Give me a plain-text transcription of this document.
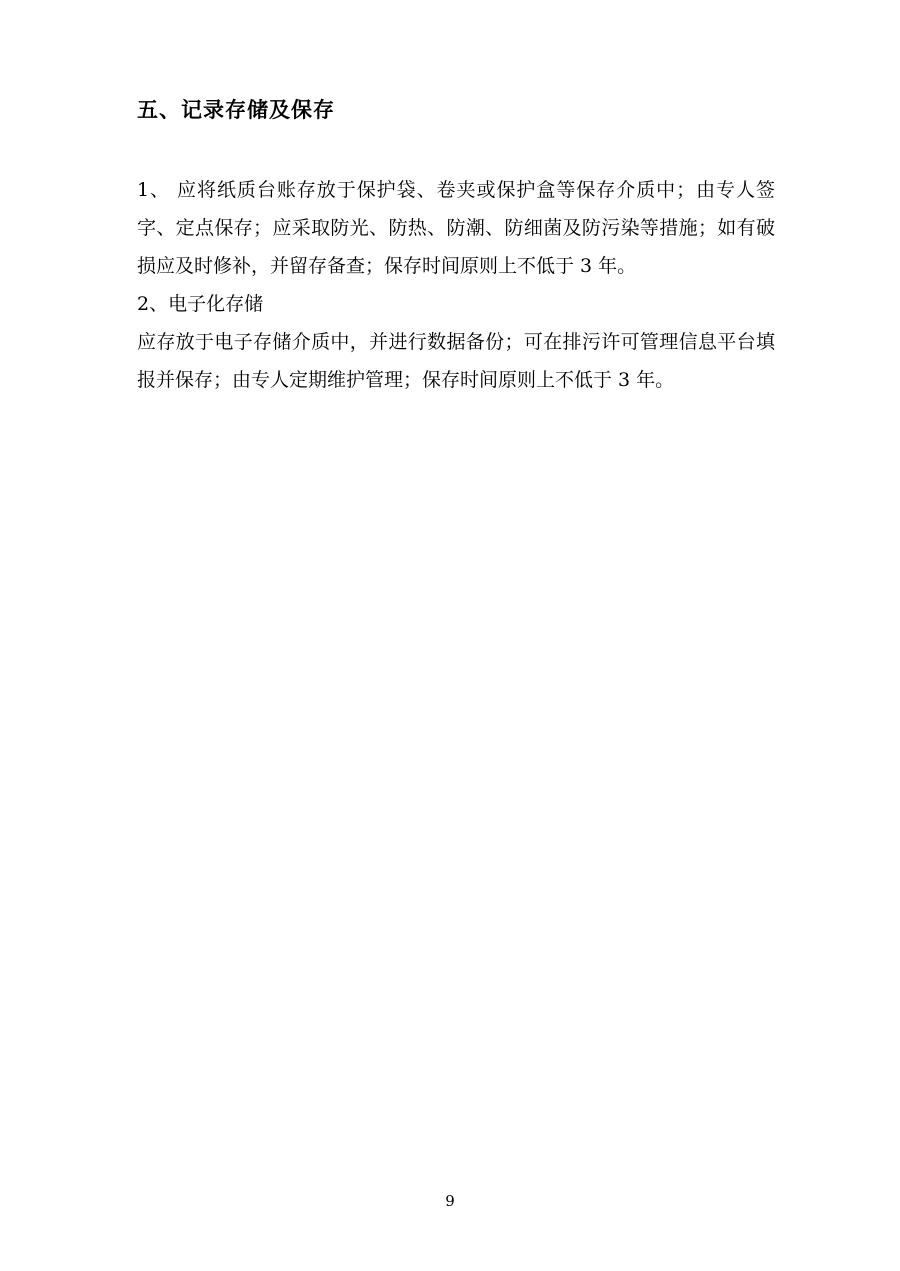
五、记录存储及保存

1、 应将纸质台账存放于保护袋、卷夹或保护盒等保存介质中；由专人签字、定点保存；应采取防光、防热、防潮、防细菌及防污染等措施；如有破损应及时修补，并留存备查；保存时间原则上不低于 3 年。

2、电子化存储

应存放于电子存储介质中，并进行数据备份；可在排污许可管理信息平台填报并保存；由专人定期维护管理；保存时间原则上不低于 3 年。

9
